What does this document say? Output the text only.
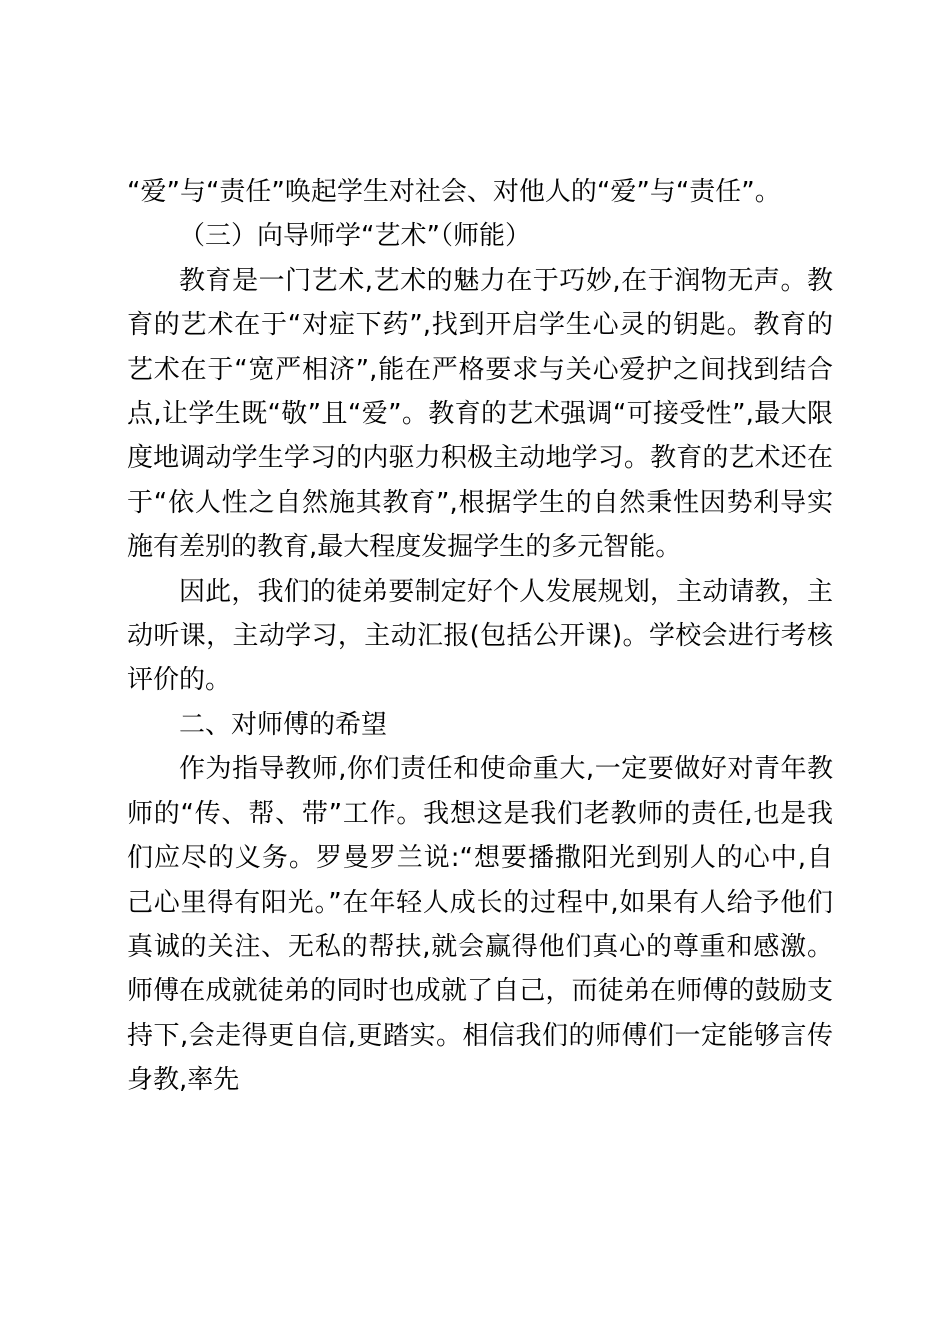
“爱”与“责任”唤起学生对社会、对他人的“爱”与“责任”。

（三）向导师学“艺术”（师能）

教育是一门艺术,艺术的魅力在于巧妙,在于润物无声。教育的艺术在于“对症下药”,找到开启学生心灵的钥匙。教育的艺术在于“宽严相济”,能在严格要求与关心爱护之间找到结合点,让学生既“敬”且“爱”。教育的艺术强调“可接受性”,最大限度地调动学生学习的内驱力积极主动地学习。教育的艺术还在于“依人性之自然施其教育”,根据学生的自然秉性因势利导实施有差别的教育,最大程度发掘学生的多元智能。

因此，我们的徒弟要制定好个人发展规划，主动请教，主动听课，主动学习，主动汇报(包括公开课)。学校会进行考核评价的。

二、对师傅的希望

作为指导教师,你们责任和使命重大,一定要做好对青年教师的“传、帮、带”工作。我想这是我们老教师的责任,也是我们应尽的义务。罗曼罗兰说:“想要播撒阳光到别人的心中,自己心里得有阳光。”在年轻人成长的过程中,如果有人给予他们真诚的关注、无私的帮扶,就会赢得他们真心的尊重和感激。师傅在成就徒弟的同时也成就了自己，而徒弟在师傅的鼓励支持下,会走得更自信,更踏实。相信我们的师傅们一定能够言传身教,率先
